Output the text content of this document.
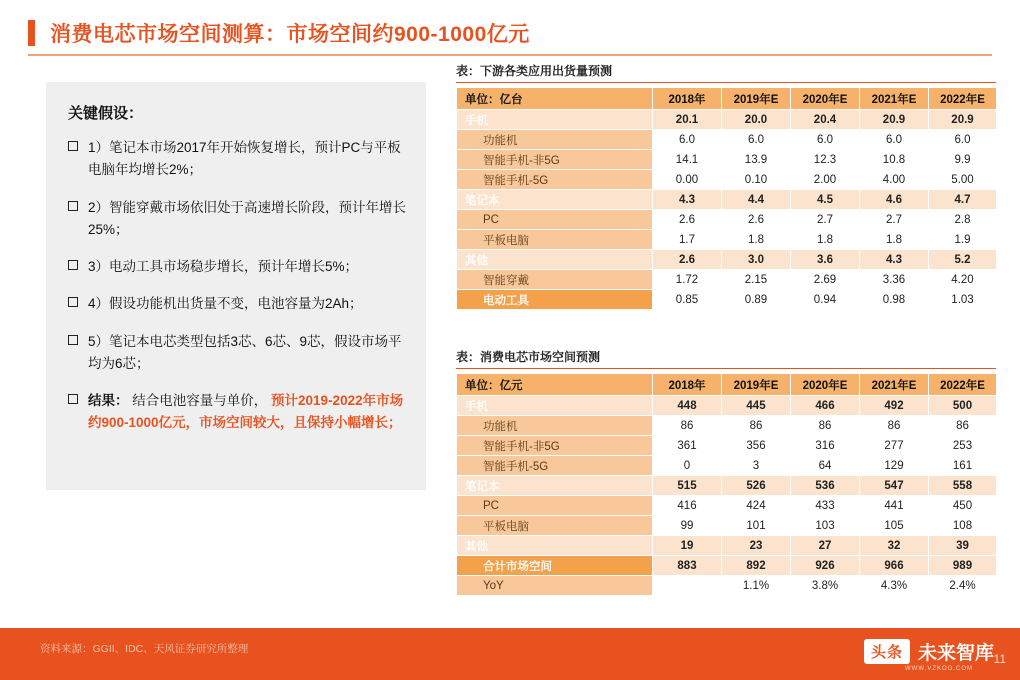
消费电芯市场空间测算：市场空间约900-1000亿元
关键假设：
1）笔记本市场2017年开始恢复增长，预计PC与平板电脑年均增长2%；
2）智能穿戴市场依旧处于高速增长阶段，预计年增长25%；
3）电动工具市场稳步增长，预计年增长5%；
4）假设功能机出货量不变，电池容量为2Ah；
5）笔记本电芯类型包括3芯、6芯、9芯，假设市场平均为6芯；
结果： 结合电池容量与单价， 预计2019-2022年市场约900-1000亿元，市场空间较大，且保持小幅增长；
表：下游各类应用出货量预测
单位：亿台	2018年	2019年E	2020年E	2021年E	2022年E
手机	20.1	20.0	20.4	20.9	20.9
功能机	6.0	6.0	6.0	6.0	6.0
智能手机-非5G	14.1	13.9	12.3	10.8	9.9
智能手机-5G	0.00	0.10	2.00	4.00	5.00
笔记本	4.3	4.4	4.5	4.6	4.7
PC	2.6	2.6	2.7	2.7	2.8
平板电脑	1.7	1.8	1.8	1.8	1.9
其他	2.6	3.0	3.6	4.3	5.2
智能穿戴	1.72	2.15	2.69	3.36	4.20
电动工具	0.85	0.89	0.94	0.98	1.03
表：消费电芯市场空间预测
单位：亿元	2018年	2019年E	2020年E	2021年E	2022年E
手机	448	445	466	492	500
功能机	86	86	86	86	86
智能手机-非5G	361	356	316	277	253
智能手机-5G	0	3	64	129	161
笔记本	515	526	536	547	558
PC	416	424	433	441	450
平板电脑	99	101	103	105	108
其他	19	23	27	32	39
合计市场空间	883	892	926	966	989
YoY		1.1%	3.8%	4.3%	2.4%
资料来源：GGII、IDC、天风证券研究所整理
11
头条 未来智库
WWW.VZKOO.COM
